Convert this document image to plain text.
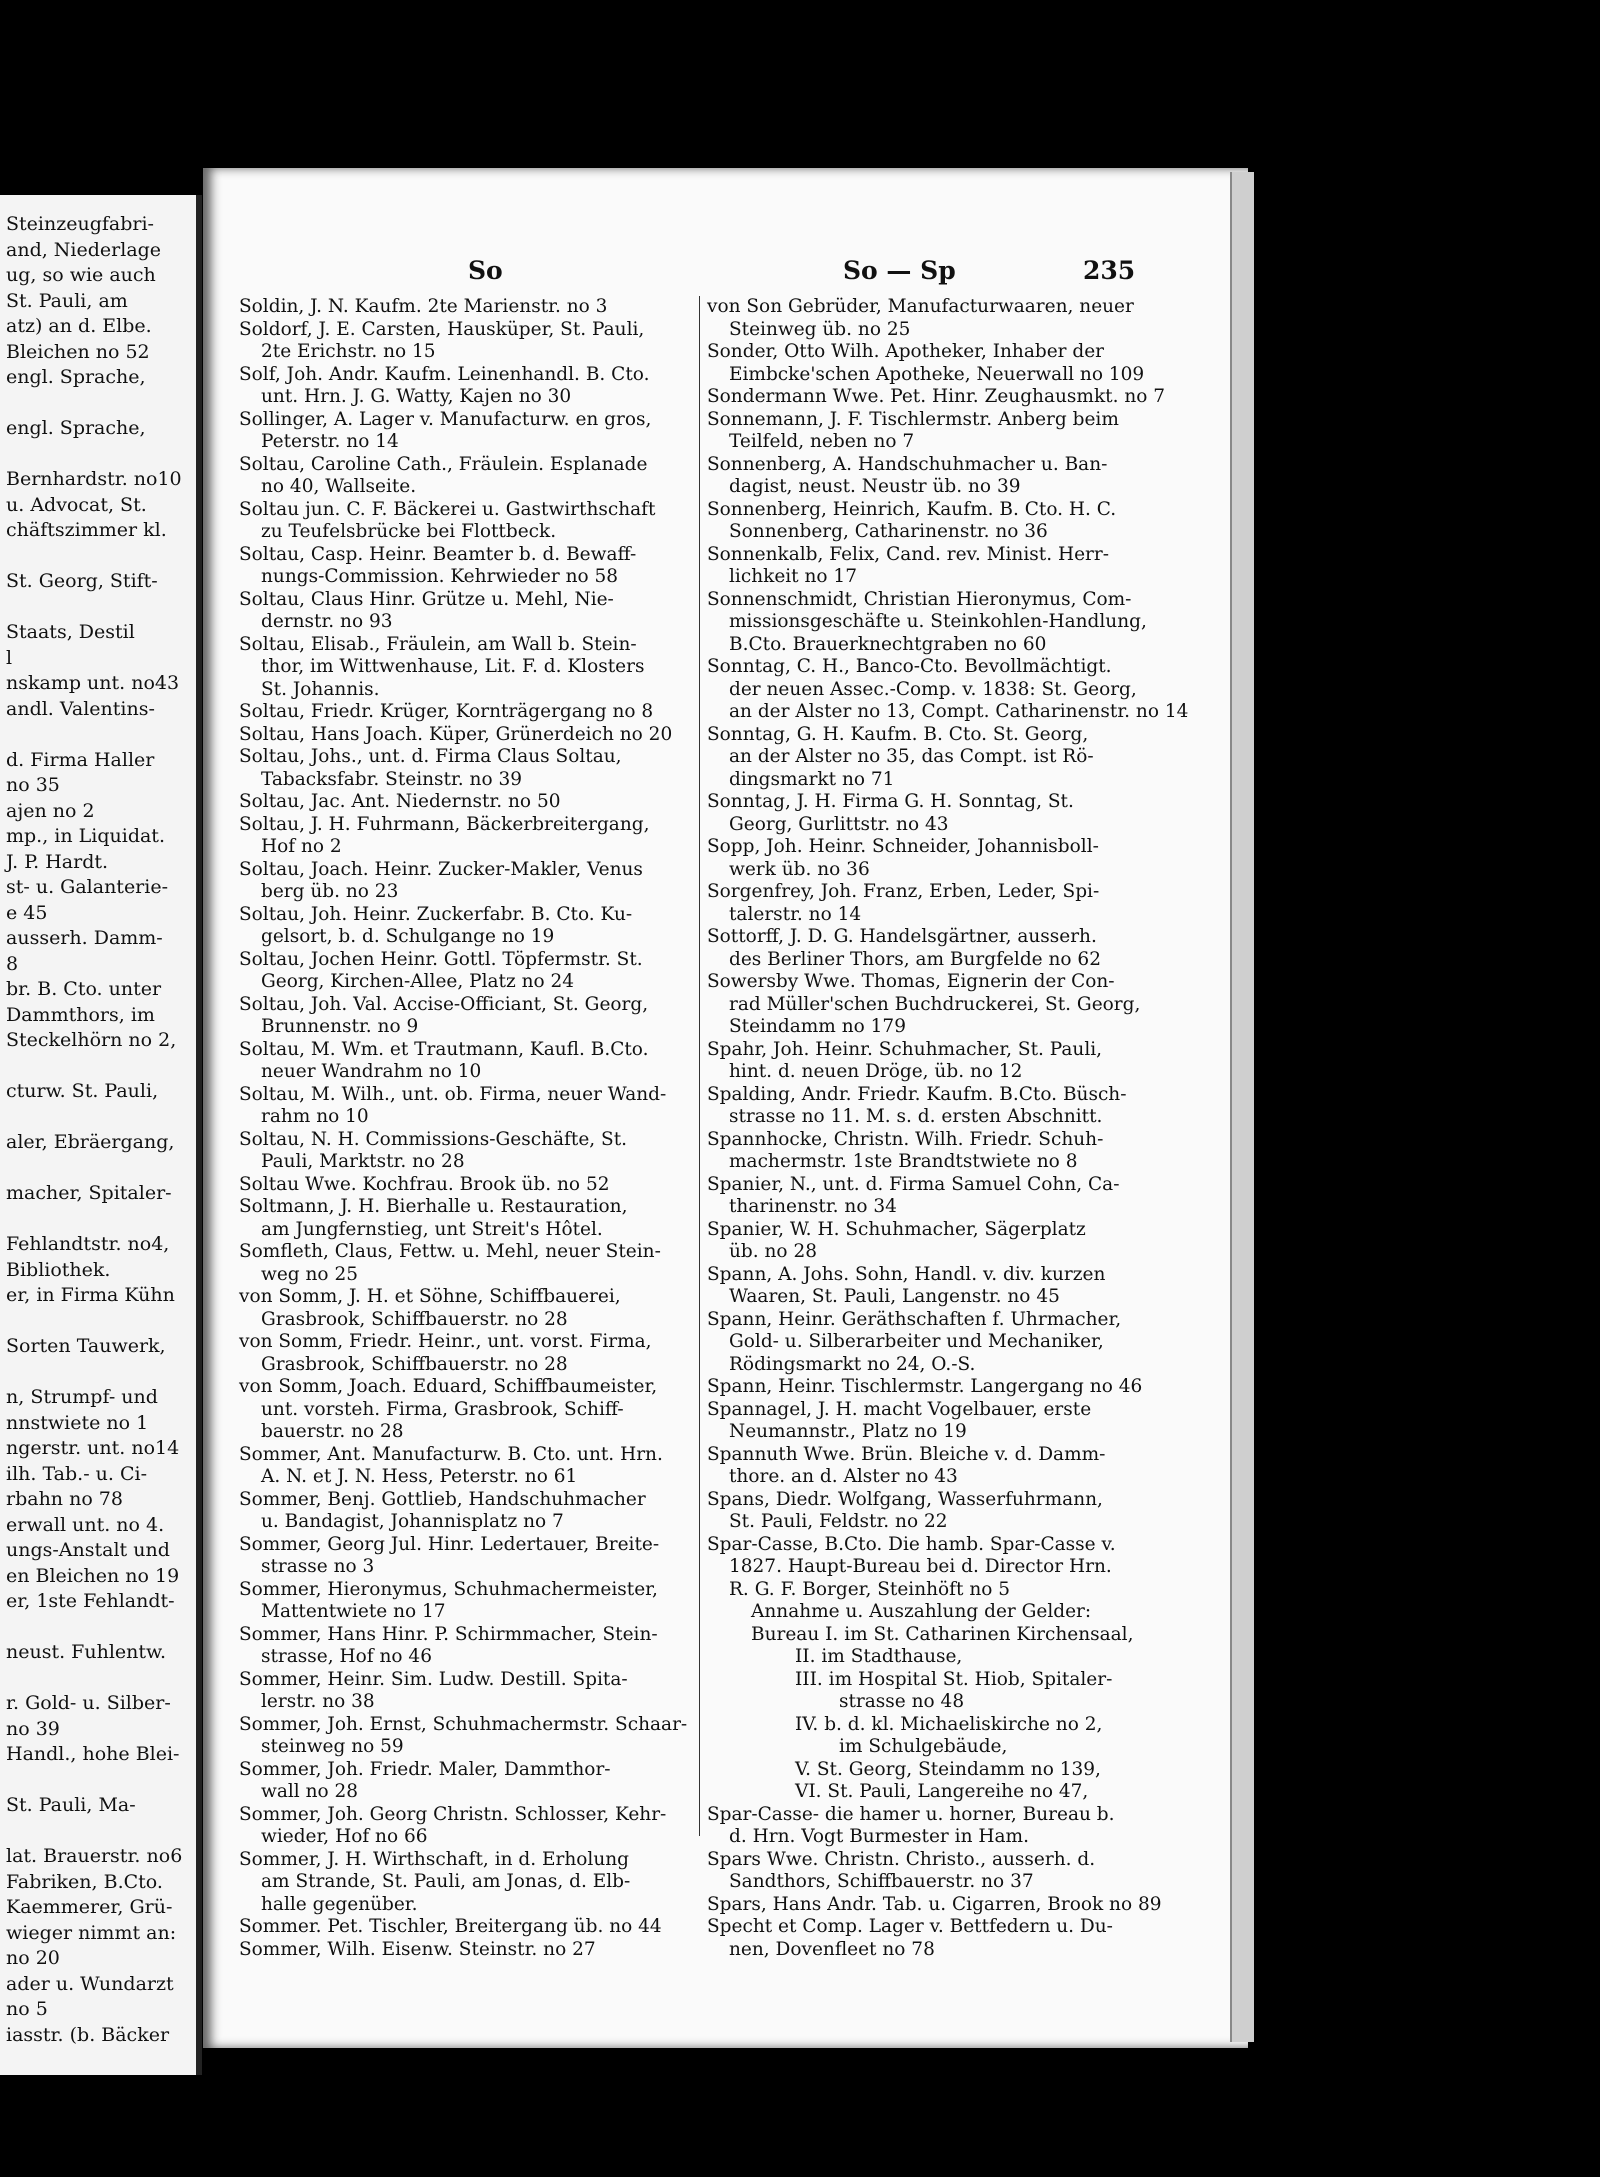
Steinzeugfabri-
and, Niederlage
ug, so wie auch
St. Pauli, am
atz) an d. Elbe.
Bleichen no 52
engl. Sprache,
engl. Sprache,
Bernhardstr. no10
u. Advocat, St.
chäftszimmer kl.
St. Georg, Stift-
Staats, Destil
l
nskamp unt. no43
andl. Valentins-
d. Firma Haller
no 35
ajen no 2
mp., in Liquidat.
J. P. Hardt.
st- u. Galanterie-
e 45
ausserh. Damm-
8
br. B. Cto. unter
Dammthors, im
Steckelhörn no 2,
cturw. St. Pauli,
aler, Ebräergang,
macher, Spitaler-
Fehlandtstr. no4,
Bibliothek.
er, in Firma Kühn
Sorten Tauwerk,
n, Strumpf- und
nnstwiete no 1
ngerstr. unt. no14
ilh. Tab.- u. Ci-
rbahn no 78
erwall unt. no 4.
ungs-Anstalt und
en Bleichen no 19
er, 1ste Fehlandt-
neust. Fuhlentw.
r. Gold- u. Silber-
no 39
Handl., hohe Blei-
St. Pauli, Ma-
lat. Brauerstr. no6
Fabriken, B.Cto.
Kaemmerer, Grü-
wieger nimmt an:
no 20
ader u. Wundarzt
no 5
iasstr. (b. Bäcker
So	So — Sp	235
Soldin, J. N. Kaufm. 2te Marienstr. no 3
Soldorf, J. E. Carsten, Hausküper, St. Pauli,
2te Erichstr. no 15
Solf, Joh. Andr. Kaufm. Leinenhandl. B. Cto.
unt. Hrn. J. G. Watty, Kajen no 30
Sollinger, A. Lager v. Manufacturw. en gros,
Peterstr. no 14
Soltau, Caroline Cath., Fräulein. Esplanade
no 40, Wallseite.
Soltau jun. C. F. Bäckerei u. Gastwirthschaft
zu Teufelsbrücke bei Flottbeck.
Soltau, Casp. Heinr. Beamter b. d. Bewaff-
nungs-Commission. Kehrwieder no 58
Soltau, Claus Hinr. Grütze u. Mehl, Nie-
dernstr. no 93
Soltau, Elisab., Fräulein, am Wall b. Stein-
thor, im Wittwenhause, Lit. F. d. Klosters
St. Johannis.
Soltau, Friedr. Krüger, Kornträgergang no 8
Soltau, Hans Joach. Küper, Grünerdeich no 20
Soltau, Johs., unt. d. Firma Claus Soltau,
Tabacksfabr. Steinstr. no 39
Soltau, Jac. Ant. Niedernstr. no 50
Soltau, J. H. Fuhrmann, Bäckerbreitergang,
Hof no 2
Soltau, Joach. Heinr. Zucker-Makler, Venus
berg üb. no 23
Soltau, Joh. Heinr. Zuckerfabr. B. Cto. Ku-
gelsort, b. d. Schulgange no 19
Soltau, Jochen Heinr. Gottl. Töpfermstr. St.
Georg, Kirchen-Allee, Platz no 24
Soltau, Joh. Val. Accise-Officiant, St. Georg,
Brunnenstr. no 9
Soltau, M. Wm. et Trautmann, Kaufl. B.Cto.
neuer Wandrahm no 10
Soltau, M. Wilh., unt. ob. Firma, neuer Wand-
rahm no 10
Soltau, N. H. Commissions-Geschäfte, St.
Pauli, Marktstr. no 28
Soltau Wwe. Kochfrau. Brook üb. no 52
Soltmann, J. H. Bierhalle u. Restauration,
am Jungfernstieg, unt Streit's Hôtel.
Somfleth, Claus, Fettw. u. Mehl, neuer Stein-
weg no 25
von Somm, J. H. et Söhne, Schiffbauerei,
Grasbrook, Schiffbauerstr. no 28
von Somm, Friedr. Heinr., unt. vorst. Firma,
Grasbrook, Schiffbauerstr. no 28
von Somm, Joach. Eduard, Schiffbaumeister,
unt. vorsteh. Firma, Grasbrook, Schiff-
bauerstr. no 28
Sommer, Ant. Manufacturw. B. Cto. unt. Hrn.
A. N. et J. N. Hess, Peterstr. no 61
Sommer, Benj. Gottlieb, Handschuhmacher
u. Bandagist, Johannisplatz no 7
Sommer, Georg Jul. Hinr. Ledertauer, Breite-
strasse no 3
Sommer, Hieronymus, Schuhmachermeister,
Mattentwiete no 17
Sommer, Hans Hinr. P. Schirmmacher, Stein-
strasse, Hof no 46
Sommer, Heinr. Sim. Ludw. Destill. Spita-
lerstr. no 38
Sommer, Joh. Ernst, Schuhmachermstr. Schaar-
steinweg no 59
Sommer, Joh. Friedr. Maler, Dammthor-
wall no 28
Sommer, Joh. Georg Christn. Schlosser, Kehr-
wieder, Hof no 66
Sommer, J. H. Wirthschaft, in d. Erholung
am Strande, St. Pauli, am Jonas, d. Elb-
halle gegenüber.
Sommer. Pet. Tischler, Breitergang üb. no 44
Sommer, Wilh. Eisenw. Steinstr. no 27
von Son Gebrüder, Manufacturwaaren, neuer
Steinweg üb. no 25
Sonder, Otto Wilh. Apotheker, Inhaber der
Eimbcke'schen Apotheke, Neuerwall no 109
Sondermann Wwe. Pet. Hinr. Zeughausmkt. no 7
Sonnemann, J. F. Tischlermstr. Anberg beim
Teilfeld, neben no 7
Sonnenberg, A. Handschuhmacher u. Ban-
dagist, neust. Neustr üb. no 39
Sonnenberg, Heinrich, Kaufm. B. Cto. H. C.
Sonnenberg, Catharinenstr. no 36
Sonnenkalb, Felix, Cand. rev. Minist. Herr-
lichkeit no 17
Sonnenschmidt, Christian Hieronymus, Com-
missionsgeschäfte u. Steinkohlen-Handlung,
B.Cto. Brauerknechtgraben no 60
Sonntag, C. H., Banco-Cto. Bevollmächtigt.
der neuen Assec.-Comp. v. 1838: St. Georg,
an der Alster no 13, Compt. Catharinenstr. no 14
Sonntag, G. H. Kaufm. B. Cto. St. Georg,
an der Alster no 35, das Compt. ist Rö-
dingsmarkt no 71
Sonntag, J. H. Firma G. H. Sonntag, St.
Georg, Gurlittstr. no 43
Sopp, Joh. Heinr. Schneider, Johannisboll-
werk üb. no 36
Sorgenfrey, Joh. Franz, Erben, Leder, Spi-
talerstr. no 14
Sottorff, J. D. G. Handelsgärtner, ausserh.
des Berliner Thors, am Burgfelde no 62
Sowersby Wwe. Thomas, Eignerin der Con-
rad Müller'schen Buchdruckerei, St. Georg,
Steindamm no 179
Spahr, Joh. Heinr. Schuhmacher, St. Pauli,
hint. d. neuen Dröge, üb. no 12
Spalding, Andr. Friedr. Kaufm. B.Cto. Büsch-
strasse no 11. M. s. d. ersten Abschnitt.
Spannhocke, Christn. Wilh. Friedr. Schuh-
machermstr. 1ste Brandtstwiete no 8
Spanier, N., unt. d. Firma Samuel Cohn, Ca-
tharinenstr. no 34
Spanier, W. H. Schuhmacher, Sägerplatz
üb. no 28
Spann, A. Johs. Sohn, Handl. v. div. kurzen
Waaren, St. Pauli, Langenstr. no 45
Spann, Heinr. Geräthschaften f. Uhrmacher,
Gold- u. Silberarbeiter und Mechaniker,
Rödingsmarkt no 24, O.-S.
Spann, Heinr. Tischlermstr. Langergang no 46
Spannagel, J. H. macht Vogelbauer, erste
Neumannstr., Platz no 19
Spannuth Wwe. Brün. Bleiche v. d. Damm-
thore. an d. Alster no 43
Spans, Diedr. Wolfgang, Wasserfuhrmann,
St. Pauli, Feldstr. no 22
Spar-Casse, B.Cto. Die hamb. Spar-Casse v.
1827. Haupt-Bureau bei d. Director Hrn.
R. G. F. Borger, Steinhöft no 5
Annahme u. Auszahlung der Gelder:
Bureau I. im St. Catharinen Kirchensaal,
II. im Stadthause,
III. im Hospital St. Hiob, Spitaler-
strasse no 48
IV. b. d. kl. Michaeliskirche no 2,
im Schulgebäude,
V. St. Georg, Steindamm no 139,
VI. St. Pauli, Langereihe no 47,
Spar-Casse- die hamer u. horner, Bureau b.
d. Hrn. Vogt Burmester in Ham.
Spars Wwe. Christn. Christo., ausserh. d.
Sandthors, Schiffbauerstr. no 37
Spars, Hans Andr. Tab. u. Cigarren, Brook no 89
Specht et Comp. Lager v. Bettfedern u. Du-
nen, Dovenfleet no 78
